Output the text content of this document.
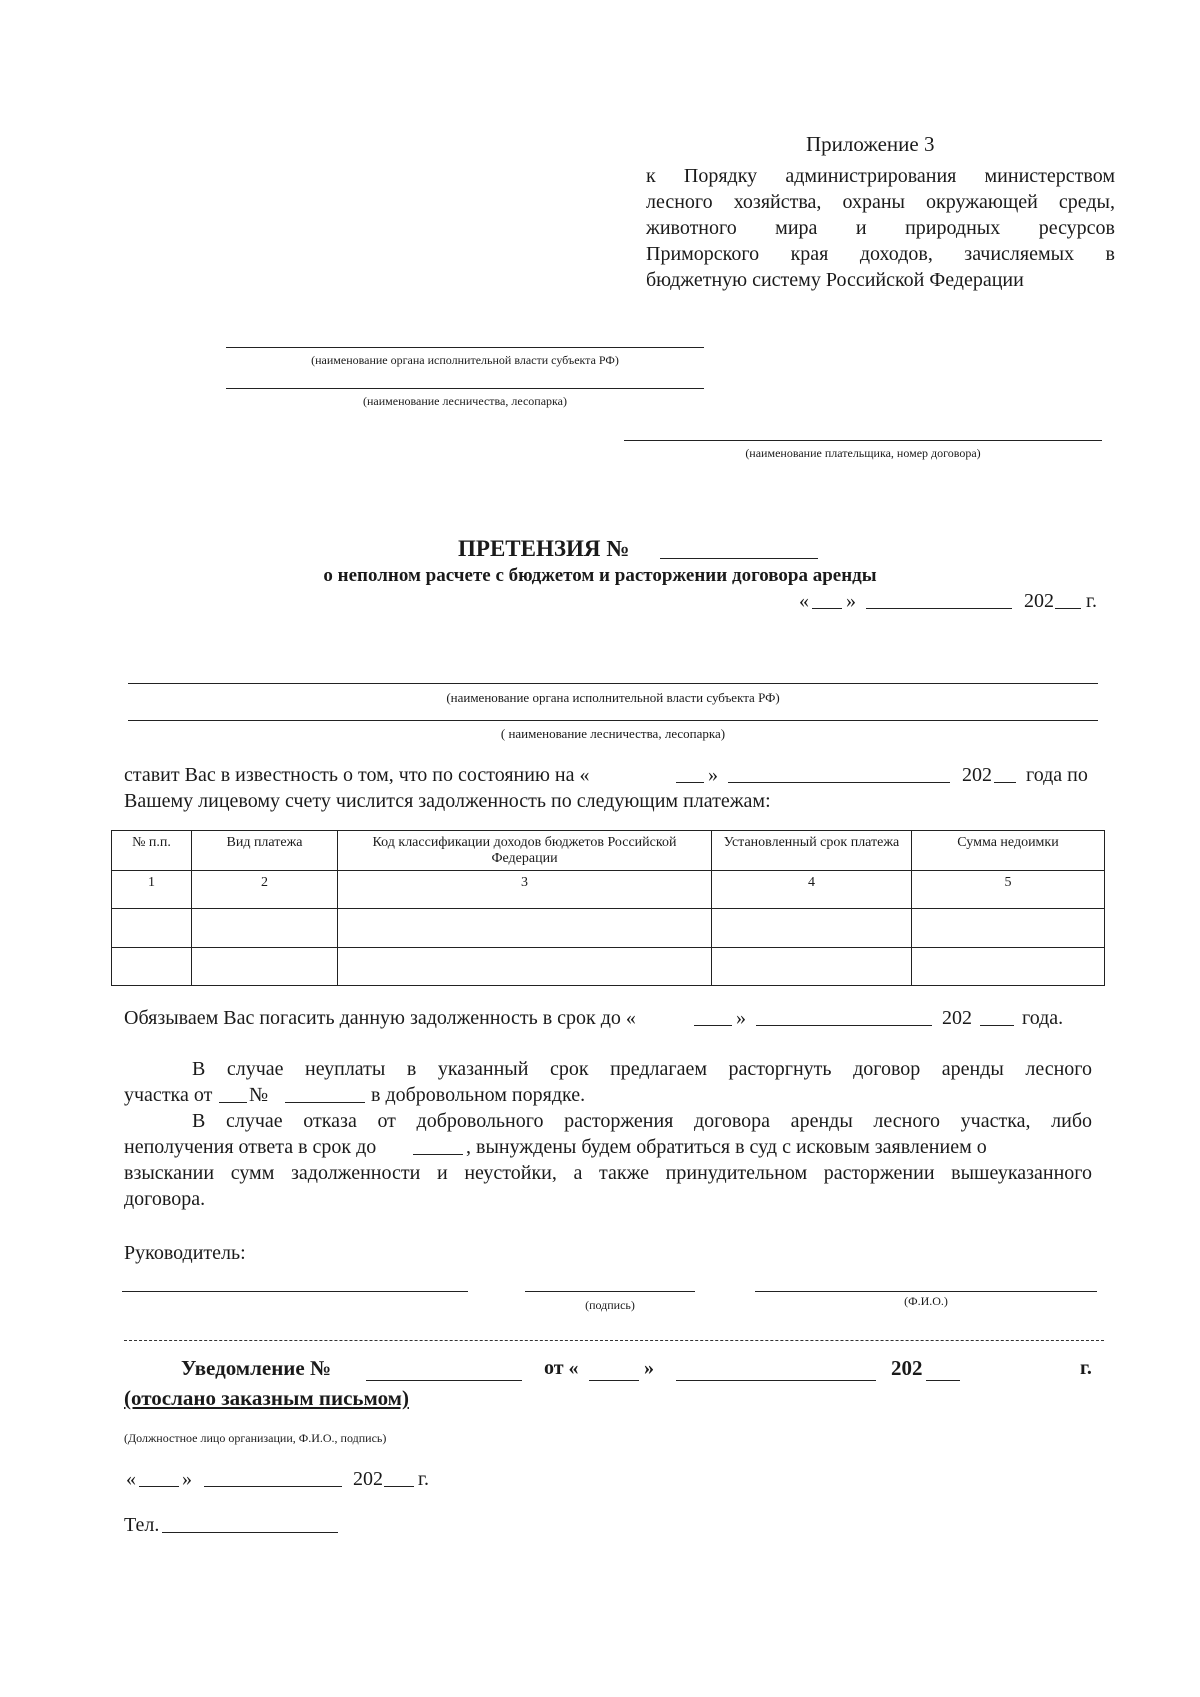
Приложение 3
к Порядку администрирования министерством
лесного хозяйства, охраны окружающей среды,
животного мира и природных ресурсов
Приморского края доходов, зачисляемых в
бюджетную систему Российской Федерации
(наименование органа исполнительной власти субъекта РФ)
(наименование лесничества, лесопарка)
(наименование плательщика, номер договора)
ПРЕТЕНЗИЯ №
о неполном расчете с бюджетом и расторжении договора аренды
« »	202 г.
(наименование органа исполнительной власти субъекта РФ)
( наименование лесничества, лесопарка)
ставит Вас в известность о том, что по состоянию на «	»	202 года по
Вашему лицевому счету числится задолженность по следующим платежам:
№ п.п.	Вид платежа	Код классификации доходов бюджетов Российской Федерации	Установленный срок платежа	Сумма недоимки
1	2	3	4	5

Обязываем Вас погасить данную задолженность в срок до «	»	202	года.
В случае неуплаты в указанный срок предлагаем расторгнуть договор аренды лесного
участка от №	в добровольном порядке.
В случае отказа от добровольного расторжения договора аренды лесного участка, либо
неполучения ответа в срок до	, вынуждены будем обратиться в суд с исковым заявлением о
взыскании сумм задолженности и неустойки, а также принудительном расторжении вышеуказанного
договора.
Руководитель:
(подпись)	(Ф.И.О.)
Уведомление №	от «	»	202	г.
(отослано заказным письмом)
(Должностное лицо организации, Ф.И.О., подпись)
« »	202 г.
Тел.
